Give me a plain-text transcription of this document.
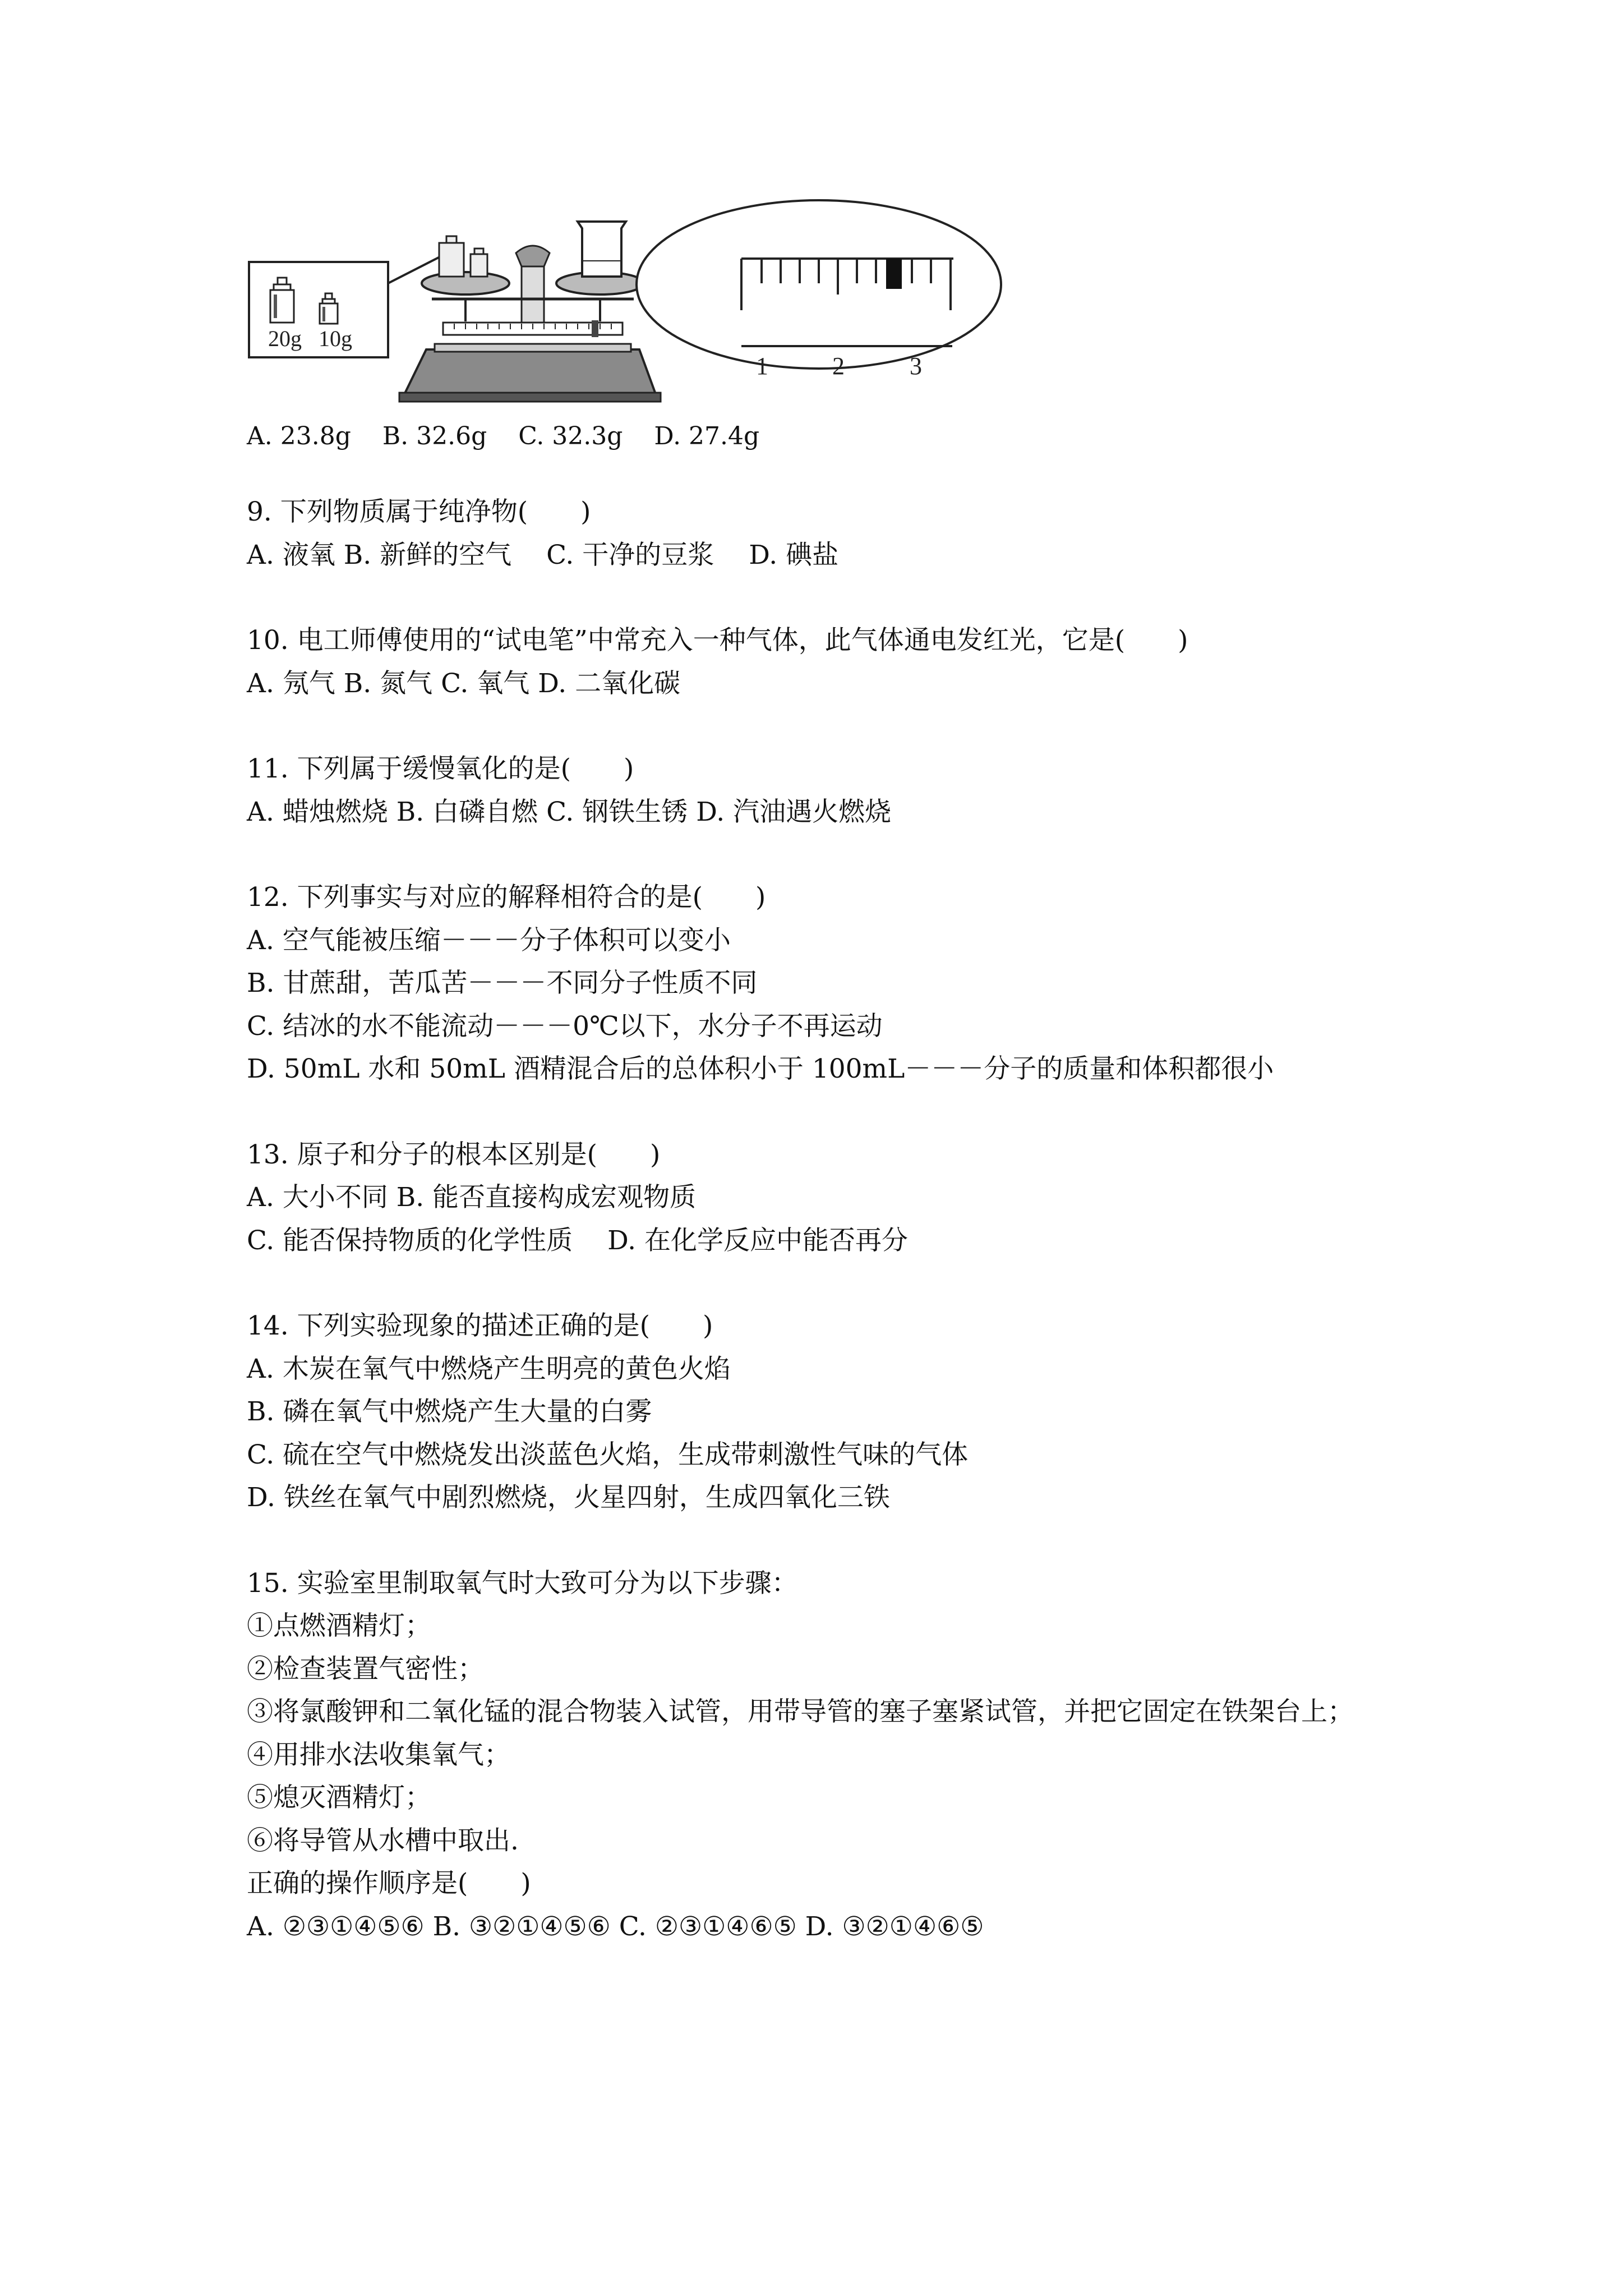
20g 10g
1	2	3
A. 23.8g    B. 32.6g    C. 32.3g    D. 27.4g
9. 下列物质属于纯净物(　　)
A. 液氧 B. 新鲜的空气　 C. 干净的豆浆　 D. 碘盐
10. 电工师傅使用的“试电笔”中常充入一种气体，此气体通电发红光，它是(　　)
A. 氖气 B. 氮气 C. 氧气 D. 二氧化碳
11. 下列属于缓慢氧化的是(　　)
A. 蜡烛燃烧 B. 白磷自燃 C. 钢铁生锈 D. 汽油遇火燃烧
12. 下列事实与对应的解释相符合的是(　　)
A. 空气能被压缩－－－分子体积可以变小
B. 甘蔗甜，苦瓜苦－－－不同分子性质不同
C. 结冰的水不能流动－－－0℃以下，水分子不再运动
D. 50mL 水和 50mL 酒精混合后的总体积小于 100mL－－－分子的质量和体积都很小
13. 原子和分子的根本区别是(　　)
A. 大小不同 B. 能否直接构成宏观物质
C. 能否保持物质的化学性质　 D. 在化学反应中能否再分
14. 下列实验现象的描述正确的是(　　)
A. 木炭在氧气中燃烧产生明亮的黄色火焰
B. 磷在氧气中燃烧产生大量的白雾
C. 硫在空气中燃烧发出淡蓝色火焰，生成带刺激性气味的气体
D. 铁丝在氧气中剧烈燃烧，火星四射，生成四氧化三铁
15. 实验室里制取氧气时大致可分为以下步骤：
①点燃酒精灯；
②检查装置气密性；
③将氯酸钾和二氧化锰的混合物装入试管，用带导管的塞子塞紧试管，并把它固定在铁架台上；
④用排水法收集氧气；
⑤熄灭酒精灯；
⑥将导管从水槽中取出.
正确的操作顺序是(　　)
A. ②③①④⑤⑥ B. ③②①④⑤⑥ C. ②③①④⑥⑤ D. ③②①④⑥⑤
